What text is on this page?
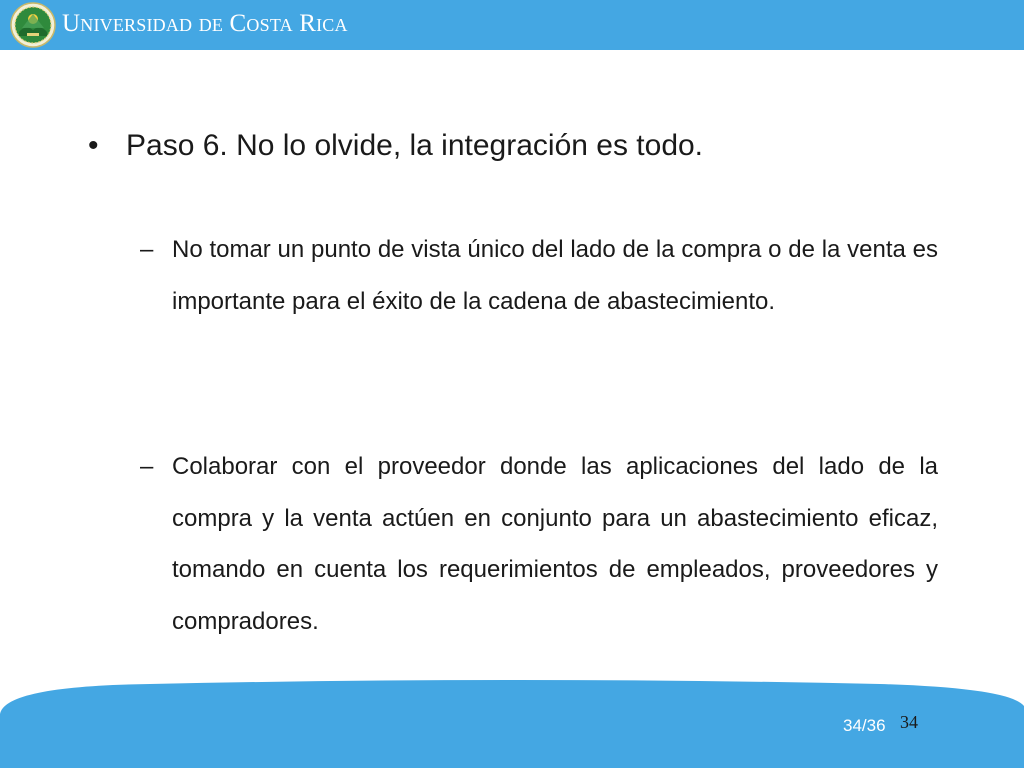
Universidad de Costa Rica
• Paso 6. No lo olvide, la integración es todo.
– No tomar un punto de vista único del lado de la compra o de la venta es importante para el éxito de la cadena de abastecimiento.
– Colaborar con el proveedor donde las aplicaciones del lado de la compra y la venta actúen en conjunto para un abastecimiento eficaz, tomando en cuenta los requerimientos de empleados, proveedores y compradores.
34/36 34
